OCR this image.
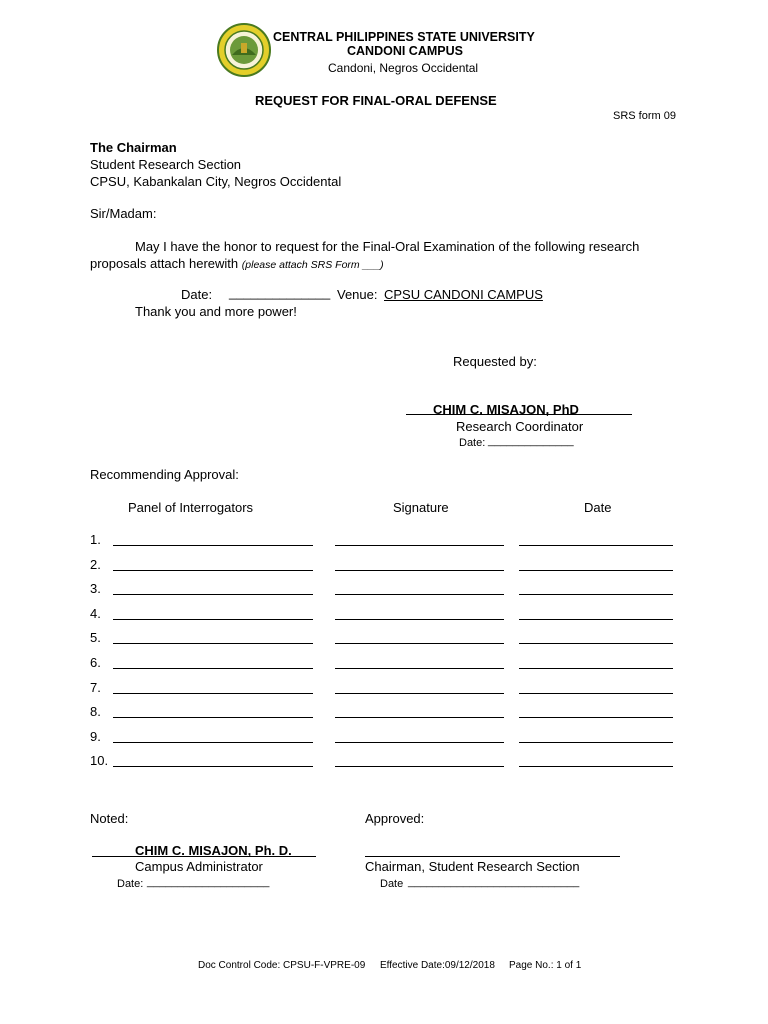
CENTRAL PHILIPPINES STATE UNIVERSITY
CANDONI CAMPUS
Candoni, Negros Occidental
REQUEST FOR FINAL-ORAL DEFENSE
SRS form 09
The Chairman
Student Research Section
CPSU, Kabankalan City, Negros Occidental
Sir/Madam:
May I have the honor to request for the Final-Oral Examination of the following research
proposals attach herewith (please attach SRS Form ___)
Date: ______________ Venue: CPSU CANDONI CAMPUS
Thank you and more power!
Requested by:
CHIM C. MISAJON, PhD
Research Coordinator
Date: ______________
Recommending Approval:
Panel of Interrogators	Signature	Date
1.
2.
3.
4.
5.
6.
7.
8.
9.
10.
Noted:
CHIM C. MISAJON, Ph. D.
Campus Administrator
Date: ____________________
Approved:
Chairman, Student Research Section
Date ____________________________
Doc Control Code: CPSU-F-VPRE-09 Effective Date:09/12/2018 Page No.: 1 of 1
